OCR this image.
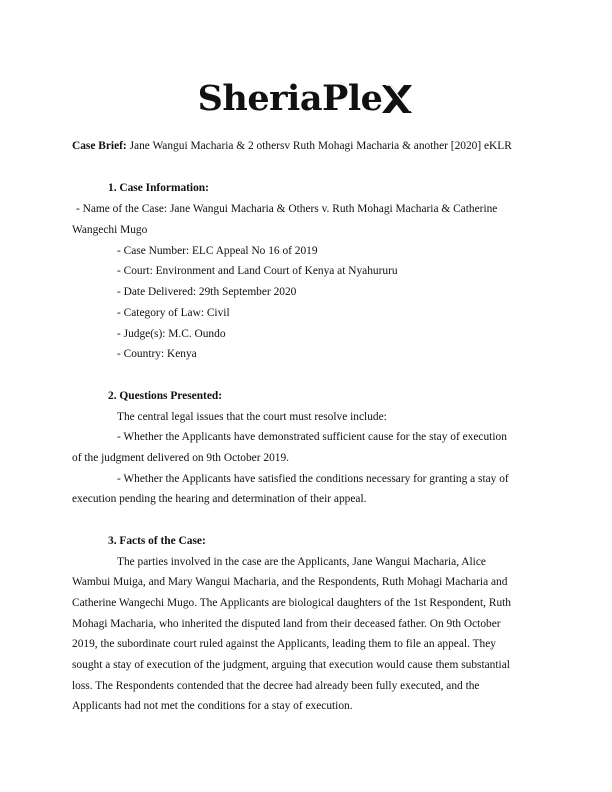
SheriaPle
Case Brief: Jane Wangui Macharia & 2 othersv Ruth Mohagi Macharia & another [2020] eKLR
1. Case Information:
- Name of the Case: Jane Wangui Macharia & Others v. Ruth Mohagi Macharia & Catherine
Wangechi Mugo
- Case Number: ELC Appeal No 16 of 2019
- Court: Environment and Land Court of Kenya at Nyahururu
- Date Delivered: 29th September 2020
- Category of Law: Civil
- Judge(s): M.C. Oundo
- Country: Kenya
2. Questions Presented:
The central legal issues that the court must resolve include:
- Whether the Applicants have demonstrated sufficient cause for the stay of execution
of the judgment delivered on 9th October 2019.
- Whether the Applicants have satisfied the conditions necessary for granting a stay of
execution pending the hearing and determination of their appeal.
3. Facts of the Case:
The parties involved in the case are the Applicants, Jane Wangui Macharia, Alice
Wambui Muiga, and Mary Wangui Macharia, and the Respondents, Ruth Mohagi Macharia and
Catherine Wangechi Mugo. The Applicants are biological daughters of the 1st Respondent, Ruth
Mohagi Macharia, who inherited the disputed land from their deceased father. On 9th October
2019, the subordinate court ruled against the Applicants, leading them to file an appeal. They
sought a stay of execution of the judgment, arguing that execution would cause them substantial
loss. The Respondents contended that the decree had already been fully executed, and the
Applicants had not met the conditions for a stay of execution.
